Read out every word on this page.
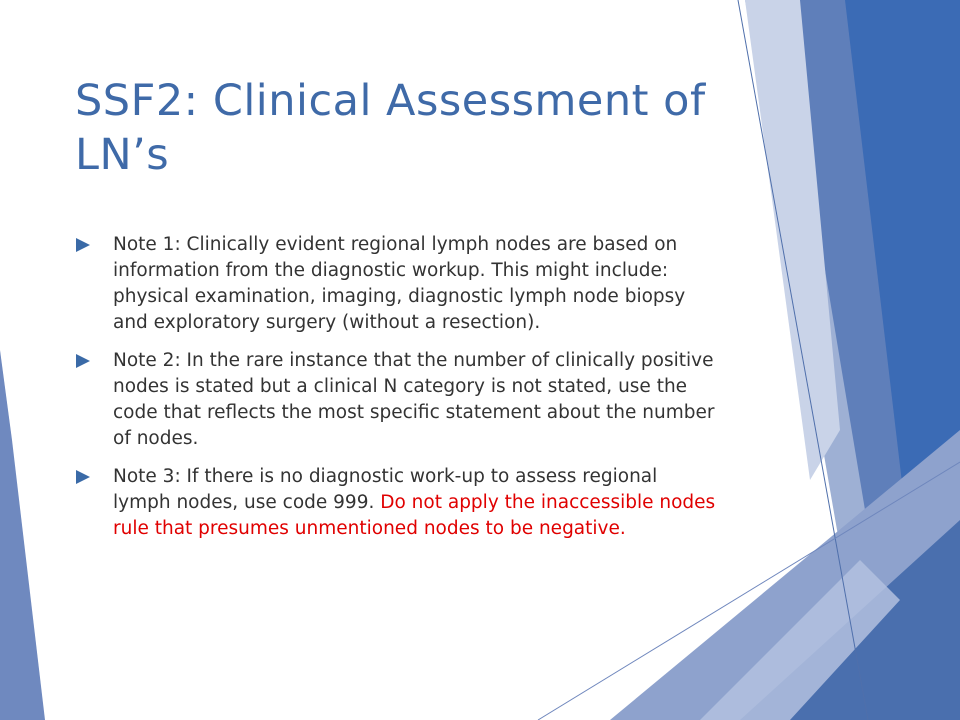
SSF2: Clinical Assessment of LN’s
Note 1: Clinically evident regional lymph nodes are based on information from the diagnostic workup. This might include: physical examination, imaging, diagnostic lymph node biopsy and exploratory surgery (without a resection).
Note 2: In the rare instance that the number of clinically positive nodes is stated but a clinical N category is not stated, use the code that reflects the most specific statement about the number of nodes.
Note 3: If there is no diagnostic work-up to assess regional lymph nodes, use code 999. Do not apply the inaccessible nodes rule that presumes unmentioned nodes to be negative.
